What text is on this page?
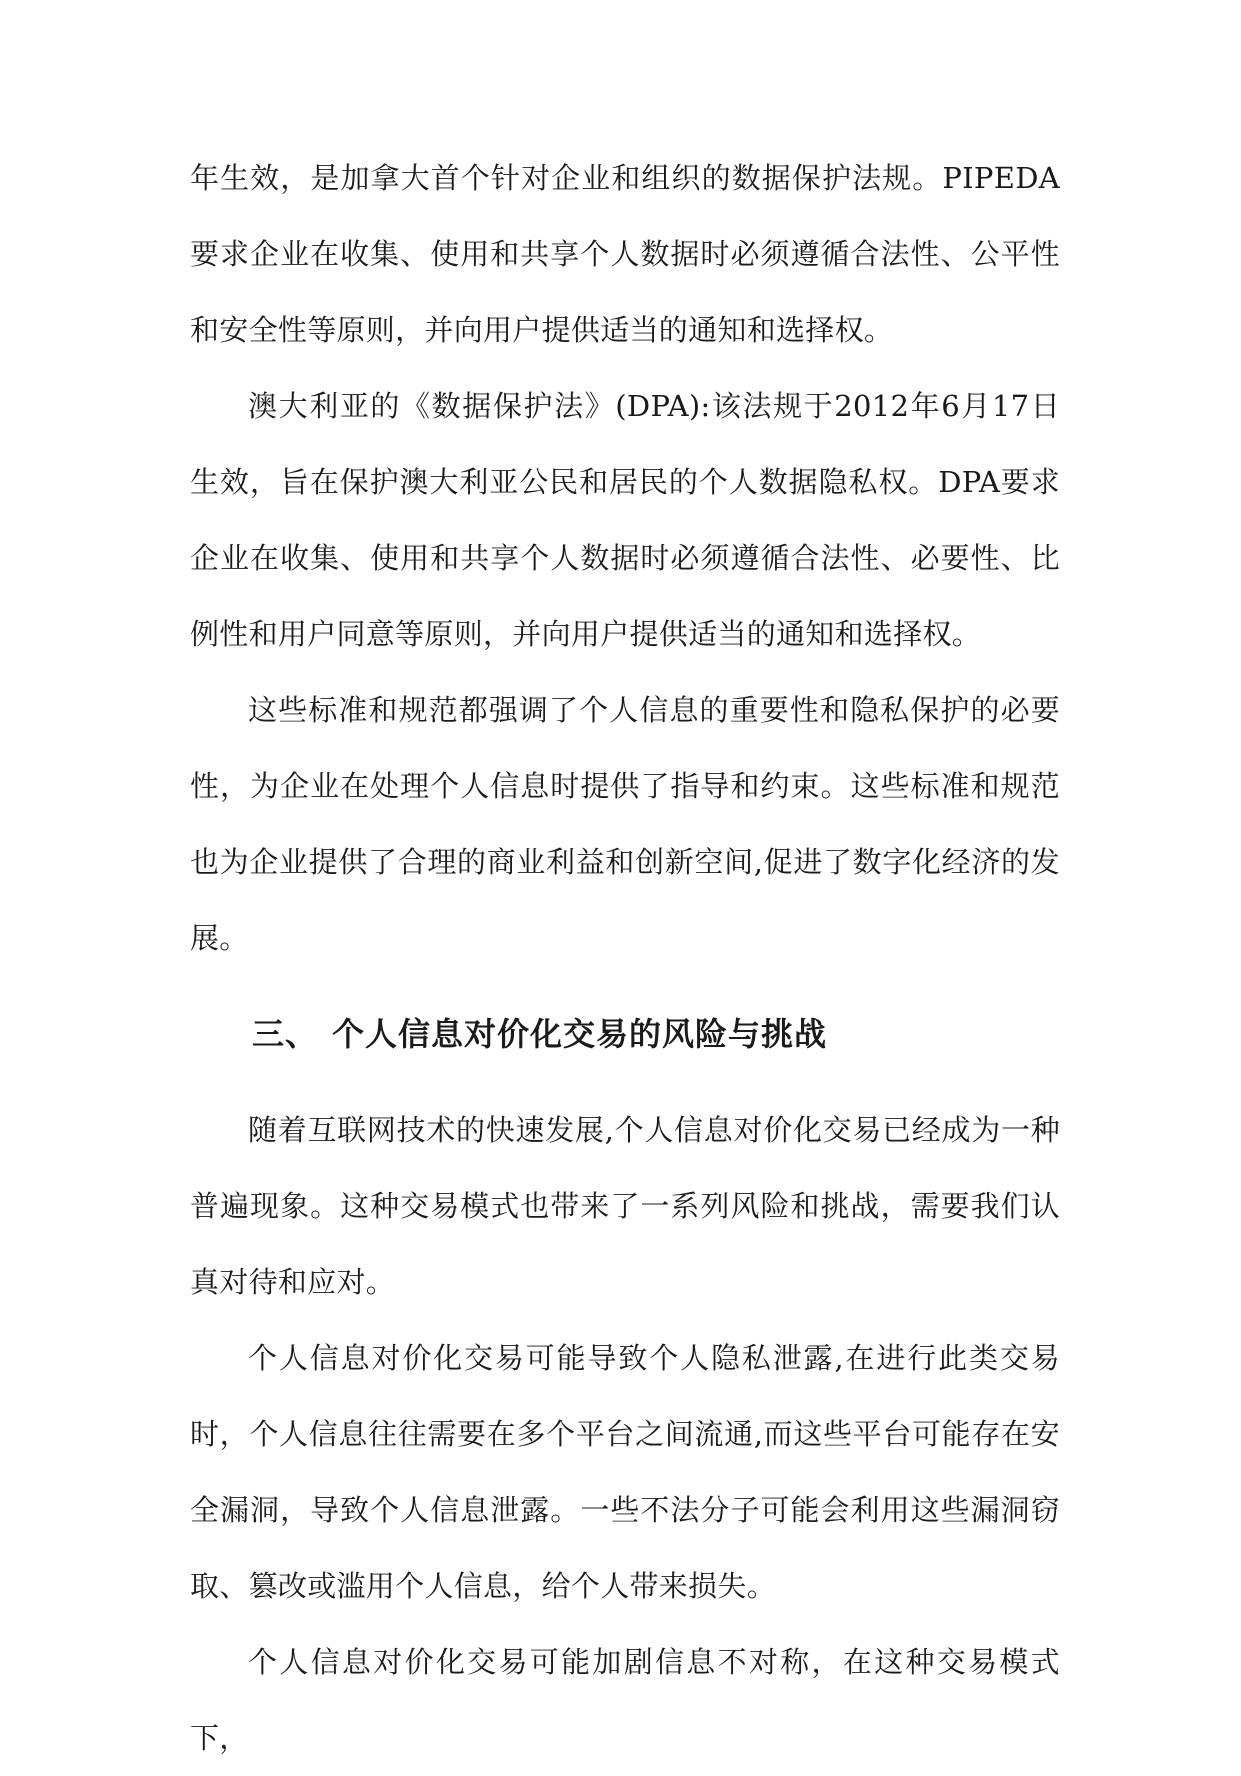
年生效，是加拿大首个针对企业和组织的数据保护法规。PIPEDA要求企业在收集、使用和共享个人数据时必须遵循合法性、公平性和安全性等原则，并向用户提供适当的通知和选择权。

澳大利亚的《数据保护法》(DPA):该法规于2012年6月17日生效，旨在保护澳大利亚公民和居民的个人数据隐私权。DPA要求企业在收集、使用和共享个人数据时必须遵循合法性、必要性、比例性和用户同意等原则，并向用户提供适当的通知和选择权。

这些标准和规范都强调了个人信息的重要性和隐私保护的必要性，为企业在处理个人信息时提供了指导和约束。这些标准和规范也为企业提供了合理的商业利益和创新空间,促进了数字化经济的发展。

三、 个人信息对价化交易的风险与挑战

随着互联网技术的快速发展,个人信息对价化交易已经成为一种普遍现象。这种交易模式也带来了一系列风险和挑战，需要我们认真对待和应对。

个人信息对价化交易可能导致个人隐私泄露,在进行此类交易时，个人信息往往需要在多个平台之间流通,而这些平台可能存在安全漏洞，导致个人信息泄露。一些不法分子可能会利用这些漏洞窃取、篡改或滥用个人信息，给个人带来损失。

个人信息对价化交易可能加剧信息不对称，在这种交易模式下，
